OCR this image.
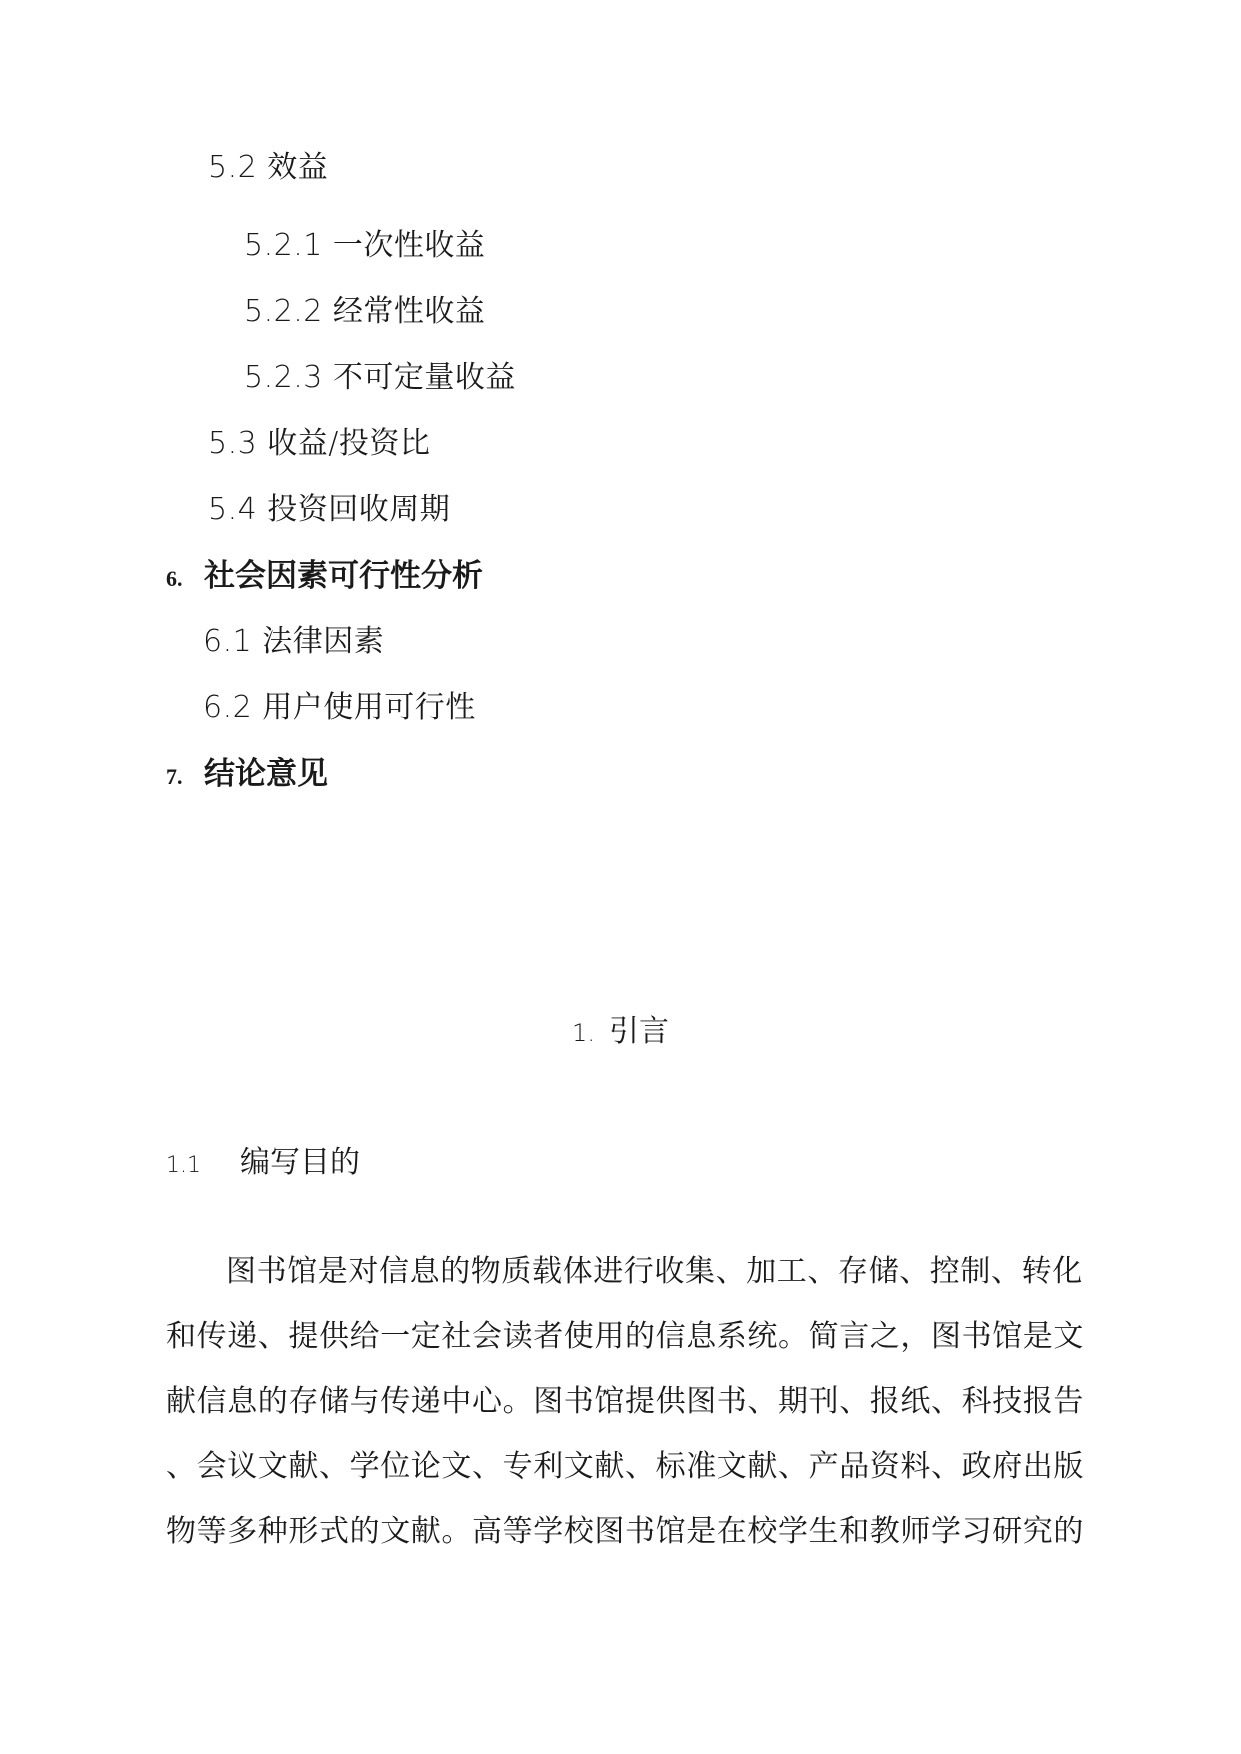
5.2 效益
5.2.1 一次性收益
5.2.2 经常性收益
5.2.3 不可定量收益
5.3 收益/投资比
5.4 投资回收周期
6. 社会因素可行性分析
6.1 法律因素
6.2 用户使用可行性
7. 结论意见
1. 引言
1.1 编写目的
图书馆是对信息的物质载体进行收集、加工、存储、控制、转化
和传递、提供给一定社会读者使用的信息系统。简言之，图书馆是文
献信息的存储与传递中心。图书馆提供图书、期刊、报纸、科技报告
、会议文献、学位论文、专利文献、标准文献、产品资料、政府出版
物等多种形式的文献。高等学校图书馆是在校学生和教师学习研究的
